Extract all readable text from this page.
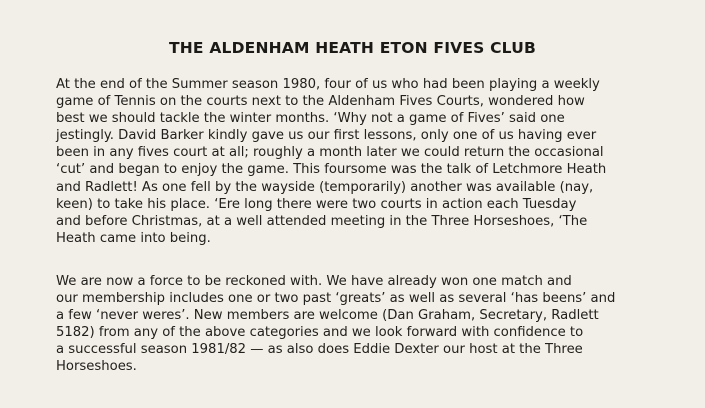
THE ALDENHAM HEATH ETON FIVES CLUB
At the end of the Summer season 1980, four of us who had been playing a weekly
game of Tennis on the courts next to the Aldenham Fives Courts, wondered how
best we should tackle the winter months. ‘Why not a game of Fives’ said one
jestingly. David Barker kindly gave us our first lessons, only one of us having ever
been in any fives court at all; roughly a month later we could return the occasional
‘cut’ and began to enjoy the game. This foursome was the talk of Letchmore Heath
and Radlett! As one fell by the wayside (temporarily) another was available (nay,
keen) to take his place. ‘Ere long there were two courts in action each Tuesday
and before Christmas, at a well attended meeting in the Three Horseshoes, ‘The
Heath came into being.
We are now a force to be reckoned with. We have already won one match and
our membership includes one or two past ‘greats’ as well as several ‘has beens’ and
a few ‘never weres’. New members are welcome (Dan Graham, Secretary, Radlett
5182) from any of the above categories and we look forward with confidence to
a successful season 1981/82 — as also does Eddie Dexter our host at the Three
Horseshoes.
